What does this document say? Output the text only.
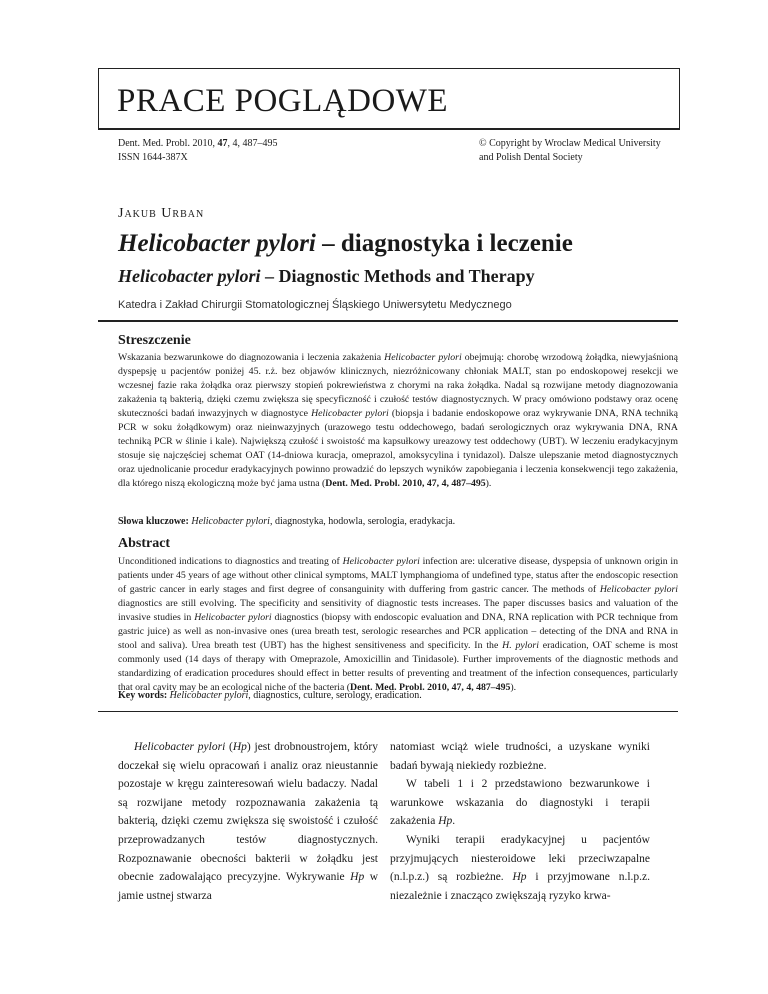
PRACE POGLĄDOWE
Dent. Med. Probl. 2010, 47, 4, 487–495
ISSN 1644-387X
© Copyright by Wroclaw Medical University
and Polish Dental Society
Jakub Urban
Helicobacter pylori – diagnostyka i leczenie
Helicobacter pylori – Diagnostic Methods and Therapy
Katedra i Zakład Chirurgii Stomatologicznej Śląskiego Uniwersytetu Medycznego
Streszczenie

Wskazania bezwarunkowe do diagnozowania i leczenia zakażenia Helicobacter pylori obejmują: chorobę wrzodową żołądka, niewyjaśnioną dyspepsję u pacjentów poniżej 45. r.ż. bez objawów klinicznych, niezróżnicowany chłoniak MALT, stan po endoskopowej resekcji we wczesnej fazie raka żołądka oraz pierwszy stopień pokrewieństwa z chorymi na raka żołądka. Nadal są rozwijane metody diagnozowania zakażenia tą bakterią, dzięki czemu zwiększa się specyficzność i czułość testów diagnostycznych. W pracy omówiono podstawy oraz ocenę skuteczności badań inwazyjnych w diagnostyce Helicobacter pylori (biopsja i badanie endoskopowe oraz wykrywanie DNA, RNA techniką PCR w soku żołądkowym) oraz nieinwazyjnych (urazowego testu oddechowego, badań serologicznych oraz wykrywania DNA, RNA techniką PCR w ślinie i kale). Największą czułość i swoistość ma kapsułkowy ureazowy test oddechowy (UBT). W leczeniu eradykacyjnym stosuje się najczęściej schemat OAT (14-dniowa kuracja, omeprazol, amoksycylina i tynidazol). Dalsze ulepszanie metod diagnostycznych oraz ujednolicanie procedur eradykacyjnych powinno prowadzić do lepszych wyników zapobiegania i leczenia konsekwencji tego zakażenia, dla którego niszą ekologiczną może być jama ustna (Dent. Med. Probl. 2010, 47, 4, 487–495).

Słowa kluczowe: Helicobacter pylori, diagnostyka, hodowla, serologia, eradykacja.

Abstract

Unconditioned indications to diagnostics and treating of Helicobacter pylori infection are: ulcerative disease, dyspepsia of unknown origin in patients under 45 years of age without other clinical symptoms, MALT lymphangioma of undefined type, status after the endoscopic resection of gastric cancer in early stages and first degree of consanguinity with duffering from gastric cancer. The methods of Helicobacter pylori diagnostics are still evolving. The specificity and sensitivity of diagnostic tests increases. The paper discusses basics and valuation of the invasive studies in Helicobacter pylori diagnostics (biopsy with endoscopic evaluation and DNA, RNA replication with PCR technique from gastric juice) as well as non-invasive ones (urea breath test, serologic researches and PCR application – detecting of the DNA and RNA in stool and saliva). Urea breath test (UBT) has the highest sensitiveness and specificity. In the H. pylori eradication, OAT scheme is most commonly used (14 days of therapy with Omeprazole, Amoxicillin and Tinidasole). Further improvements of the diagnostic methods and standardizing of eradication procedures should effect in better results of preventing and treatment of the infection consequences, particularly that oral cavity may be an ecological niche of the bacteria (Dent. Med. Probl. 2010, 47, 4, 487–495).

Key words: Helicobacter pylori, diagnostics, culture, serology, eradication.

Helicobacter pylori (Hp) jest drobnoustrojem, który doczekał się wielu opracowań i analiz oraz nieustannie pozostaje w kręgu zainteresowań wielu badaczy. Nadal są rozwijane metody rozpoznawania zakażenia tą bakterią, dzięki czemu zwiększa się swoistość i czułość przeprowadzanych testów diagnostycznych. Rozpoznawanie obecności bakterii w żołądku jest obecnie zadowalająco precyzyjne. Wykrywanie Hp w jamie ustnej stwarza

natomiast wciąż wiele trudności, a uzyskane wyniki badań bywają niekiedy rozbieżne.

W tabeli 1 i 2 przedstawiono bezwarunkowe i warunkowe wskazania do diagnostyki i terapii zakażenia Hp.

Wyniki terapii eradykacyjnej u pacjentów przyjmujących niesteroidowe leki przeciwzapalne (n.l.p.z.) są rozbieżne. Hp i przyjmowane n.l.p.z. niezależnie i znacząco zwiększają ryzyko krwa-
